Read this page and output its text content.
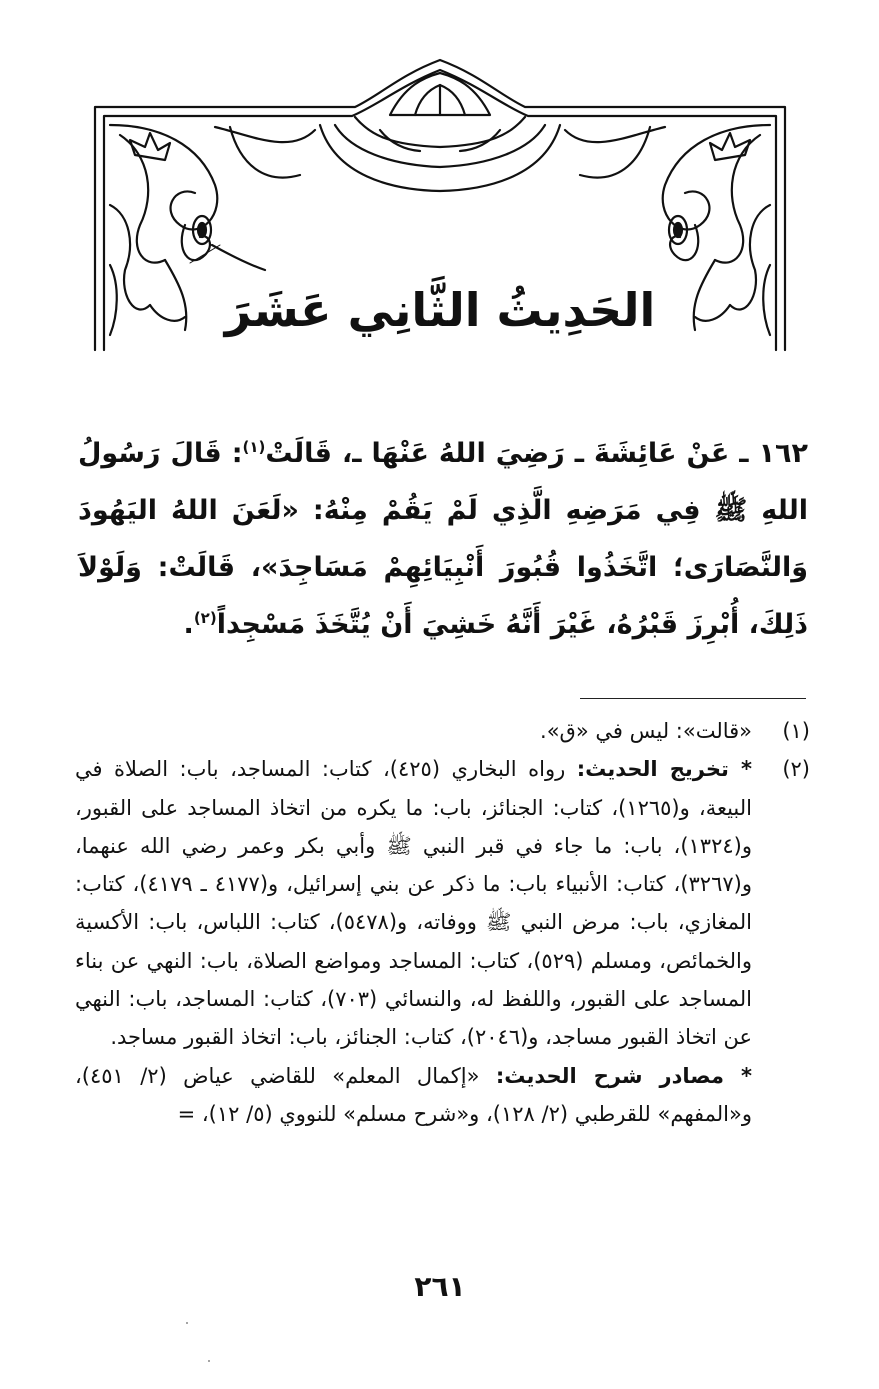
الحَدِيثُ الثَّانِي عَشَرَ

١٦٢ ـ عَنْ عَائِشَةَ ـ رَضِيَ اللهُ عَنْهَا ـ، قَالَتْ$^{(١)}$: قَالَ رَسُولُ اللهِ ﷺ فِي مَرَضِهِ الَّذِي لَمْ يَقُمْ مِنْهُ: «لَعَنَ اللهُ اليَهُودَ وَالنَّصَارَى؛ اتَّخَذُوا قُبُورَ أَنْبِيَائِهِمْ مَسَاجِدَ»، قَالَتْ: وَلَوْلاَ ذَلِكَ، أُبْرِزَ قَبْرُهُ، غَيْرَ أَنَّهُ خَشِيَ أَنْ يُتَّخَذَ مَسْجِداً$^{(٢)}$.

(١)

«قالت»: ليس في «ق».

(٢)

* تخريج الحديث: رواه البخاري (٤٢٥)، كتاب: المساجد، باب: الصلاة في البيعة، و(١٢٦٥)، كتاب: الجنائز، باب: ما يكره من اتخاذ المساجد على القبور، و(١٣٢٤)، باب: ما جاء في قبر النبي ﷺ وأبي بكر وعمر رضي الله عنهما، و(٣٢٦٧)، كتاب: الأنبياء باب: ما ذكر عن بني إسرائيل، و(٤١٧٧ ـ ٤١٧٩)، كتاب: المغازي، باب: مرض النبي ﷺ ووفاته، و(٥٤٧٨)، كتاب: اللباس، باب: الأكسية والخمائص، ومسلم (٥٢٩)، كتاب: المساجد ومواضع الصلاة، باب: النهي عن بناء المساجد على القبور، واللفظ له، والنسائي (٧٠٣)، كتاب: المساجد، باب: النهي عن اتخاذ القبور مساجد، و(٢٠٤٦)، كتاب: الجنائز، باب: اتخاذ القبور مساجد.

* مصادر شرح الحديث: «إكمال المعلم» للقاضي عياض (٢/ ٤٥١)، و«المفهم» للقرطبي (٢/ ١٢٨)، و«شرح مسلم» للنووي (٥/ ١٢)، =

٢٦١
